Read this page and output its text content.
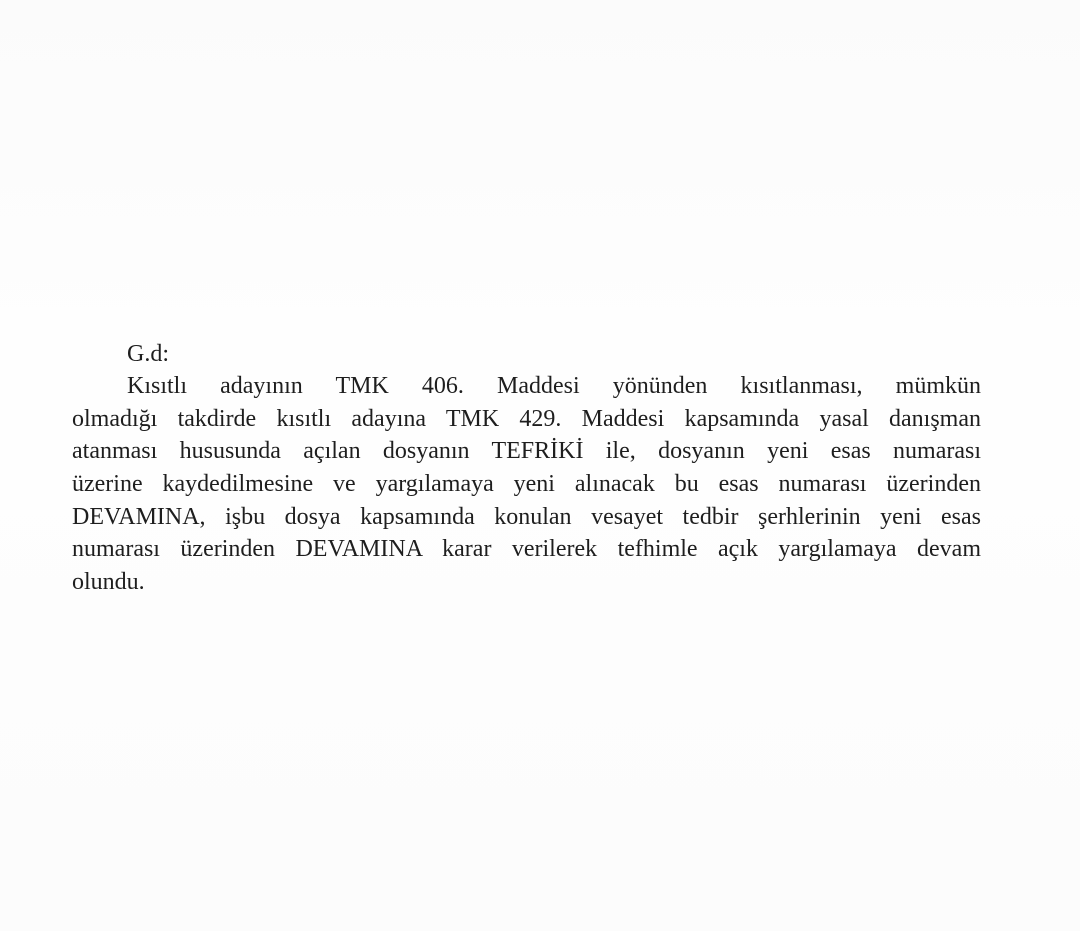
G.d:
Kısıtlı adayının TMK 406. Maddesi yönünden kısıtlanması, mümkün
olmadığı takdirde kısıtlı adayına TMK 429. Maddesi kapsamında yasal danışman
atanması hususunda açılan dosyanın TEFRİKİ ile, dosyanın yeni esas numarası
üzerine kaydedilmesine ve yargılamaya yeni alınacak bu esas numarası üzerinden
DEVAMINA, işbu dosya kapsamında konulan vesayet tedbir şerhlerinin yeni esas
numarası üzerinden DEVAMINA karar verilerek tefhimle açık yargılamaya devam
olundu.
